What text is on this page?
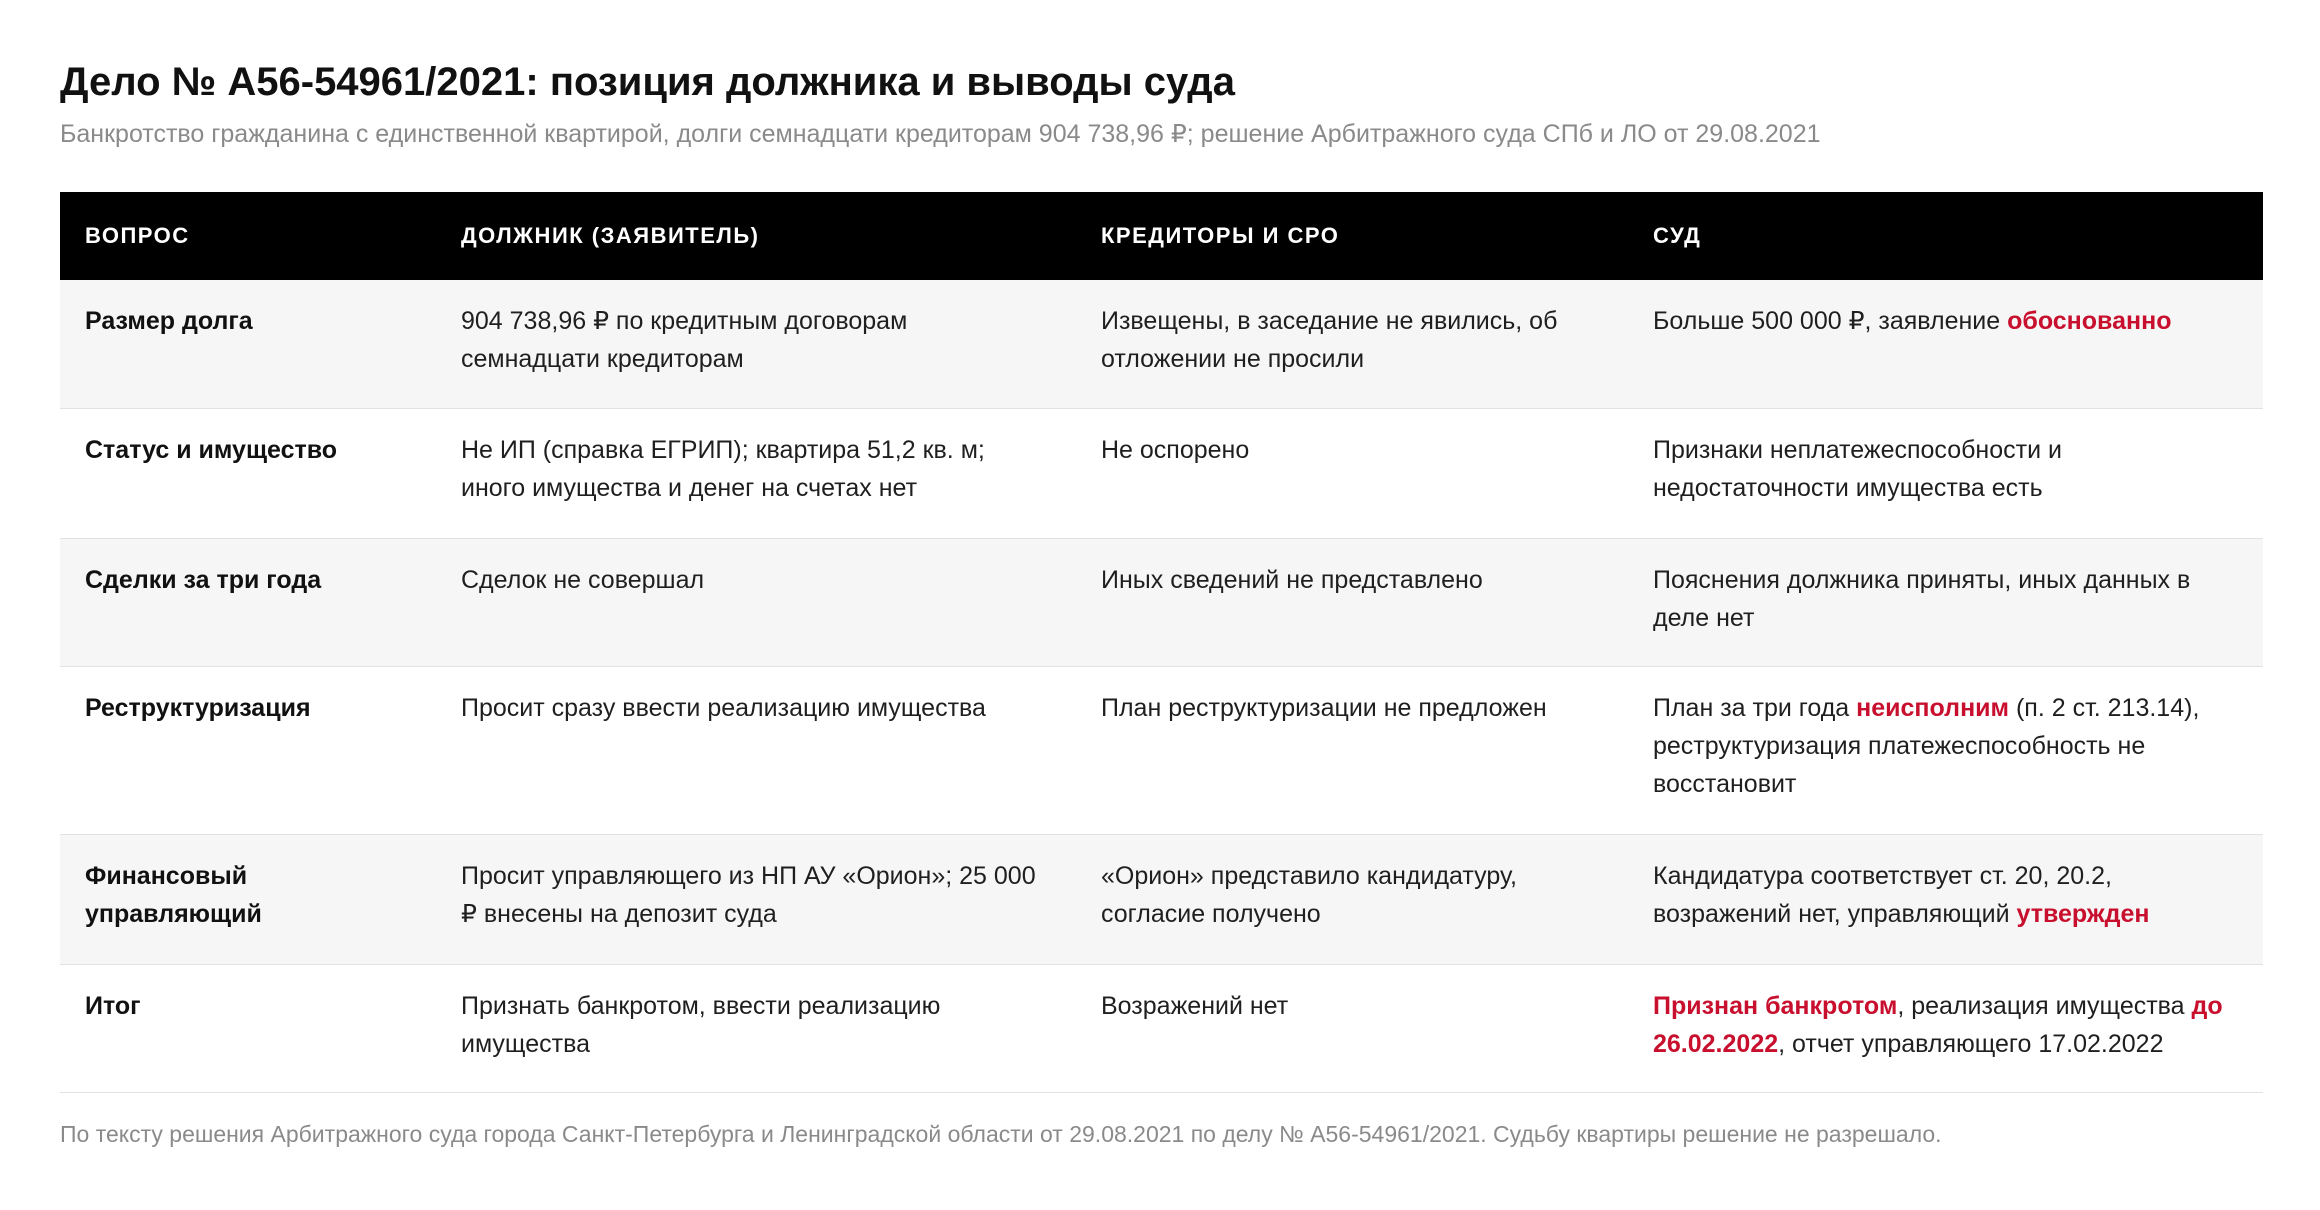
Дело № А56-54961/2021: позиция должника и выводы суда
Банкротство гражданина с единственной квартирой, долги семнадцати кредиторам 904 738,96 ₽; решение Арбитражного суда СПб и ЛО от 29.08.2021
ВОПРОС	ДОЛЖНИК (ЗАЯВИТЕЛЬ)	КРЕДИТОРЫ И СРО	СУД
Размер долга	904 738,96 ₽ по кредитным договорам семнадцати кредиторам	Извещены, в заседание не явились, об отложении не просили	Больше 500 000 ₽, заявление обоснованно
Статус и имущество	Не ИП (справка ЕГРИП); квартира 51,2 кв. м; иного имущества и денег на счетах нет	Не оспорено	Признаки неплатежеспособности и недостаточности имущества есть
Сделки за три года	Сделок не совершал	Иных сведений не представлено	Пояснения должника приняты, иных данных в деле нет
Реструктуризация	Просит сразу ввести реализацию имущества	План реструктуризации не предложен	План за три года неисполним (п. 2 ст. 213.14), реструктуризация платежеспособность не восстановит
Финансовый управляющий	Просит управляющего из НП АУ «Орион»; 25 000 ₽ внесены на депозит суда	«Орион» представило кандидатуру, согласие получено	Кандидатура соответствует ст. 20, 20.2, возражений нет, управляющий утвержден
Итог	Признать банкротом, ввести реализацию имущества	Возражений нет	Признан банкротом, реализация имущества до 26.02.2022, отчет управляющего 17.02.2022
По тексту решения Арбитражного суда города Санкт-Петербурга и Ленинградской области от 29.08.2021 по делу № А56-54961/2021. Судьбу квартиры решение не разрешало.
